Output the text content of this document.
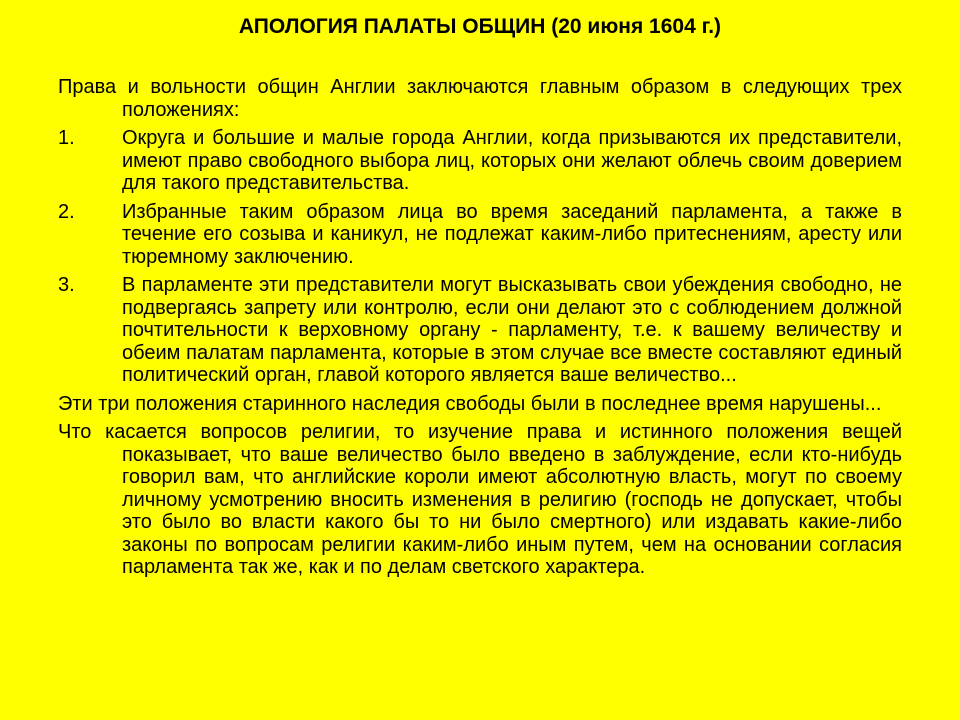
АПОЛОГИЯ ПАЛАТЫ ОБЩИН (20 июня 1604 г.)

Права и вольности общин Англии заключаются главным образом в следующих трех положениях:

1.	Округа и большие и малые города Англии, когда призываются их представители, имеют право свободного выбора лиц, которых они желают облечь своим доверием для такого представительства.
2.	Избранные таким образом лица во время заседаний парламента, а также в течение его созыва и каникул, не подлежат каким-либо притеснениям, аресту или тюремному заключению.
3.	В парламенте эти представители могут высказывать свои убеждения свободно, не подвергаясь запрету или контролю, если они делают это с соблюдением должной почтительности к верховному органу - парламенту, т.е. к вашему величеству и обеим палатам парламента, которые в этом случае все вместе составляют единый политический орган, главой которого является ваше величество...

Эти три положения старинного наследия свободы были в последнее время нарушены...

Что касается вопросов религии, то изучение права и истинного положения вещей показывает, что ваше величество было введено в заблуждение, если кто-нибудь говорил вам, что английские короли имеют абсолютную власть, могут по своему личному усмотрению вносить изменения в религию (господь не допускает, чтобы это было во власти какого бы то ни было смертного) или издавать какие-либо законы по вопросам религии каким-либо иным путем, чем на основании согласия парламента так же, как и по делам светского характера.
